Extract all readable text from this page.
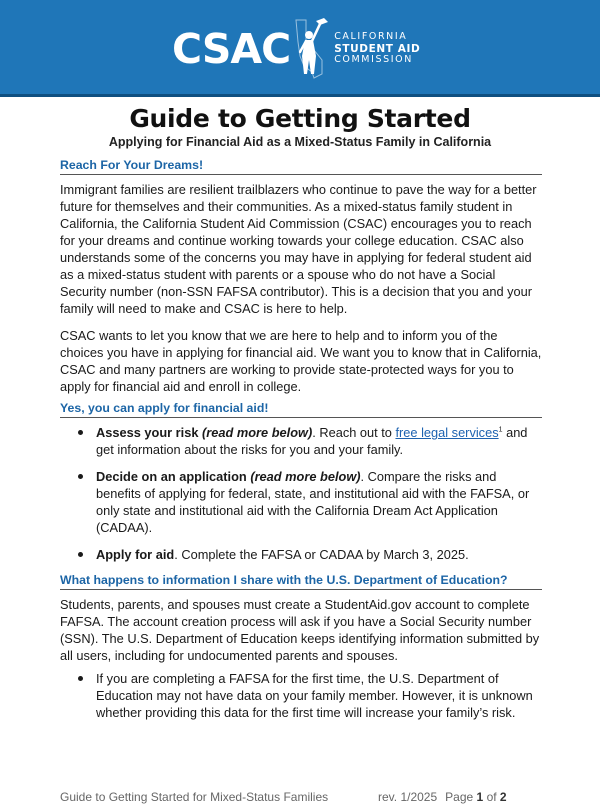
CSAC	CALIFORNIA
STUDENT AID
COMMISSION
Guide to Getting Started
Applying for Financial Aid as a Mixed-Status Family in California
Reach For Your Dreams!

Immigrant families are resilient trailblazers who continue to pave the way for a better future for themselves and their communities. As a mixed-status family student in California, the California Student Aid Commission (CSAC) encourages you to reach for your dreams and continue working towards your college education. CSAC also understands some of the concerns you may have in applying for federal student aid as a mixed-status student with parents or a spouse who do not have a Social Security number (non-SSN FAFSA contributor). This is a decision that you and your family will need to make and CSAC is here to help.

CSAC wants to let you know that we are here to help and to inform you of the choices you have in applying for financial aid. We want you to know that in California, CSAC and many partners are working to provide state-protected ways for you to apply for financial aid and enroll in college.

Yes, you can apply for financial aid!
Assess your risk (read more below). Reach out to free legal services$^1$ and get information about the risks for you and your family.
Decide on an application (read more below). Compare the risks and benefits of applying for federal, state, and institutional aid with the FAFSA, or only state and institutional aid with the California Dream Act Application (CADAA).
Apply for aid. Complete the FAFSA or CADAA by March 3, 2025.
What happens to information I share with the U.S. Department of Education?

Students, parents, and spouses must create a StudentAid.gov account to complete FAFSA. The account creation process will ask if you have a Social Security number (SSN). The U.S. Department of Education keeps identifying information submitted by all users, including for undocumented parents and spouses.

If you are completing a FAFSA for the first time, the U.S. Department of Education may not have data on your family member. However, it is unknown whether providing this data for the first time will increase your family’s risk.
Guide to Getting Started for Mixed-Status Families	rev. 1/2025 Page 1 of 2
